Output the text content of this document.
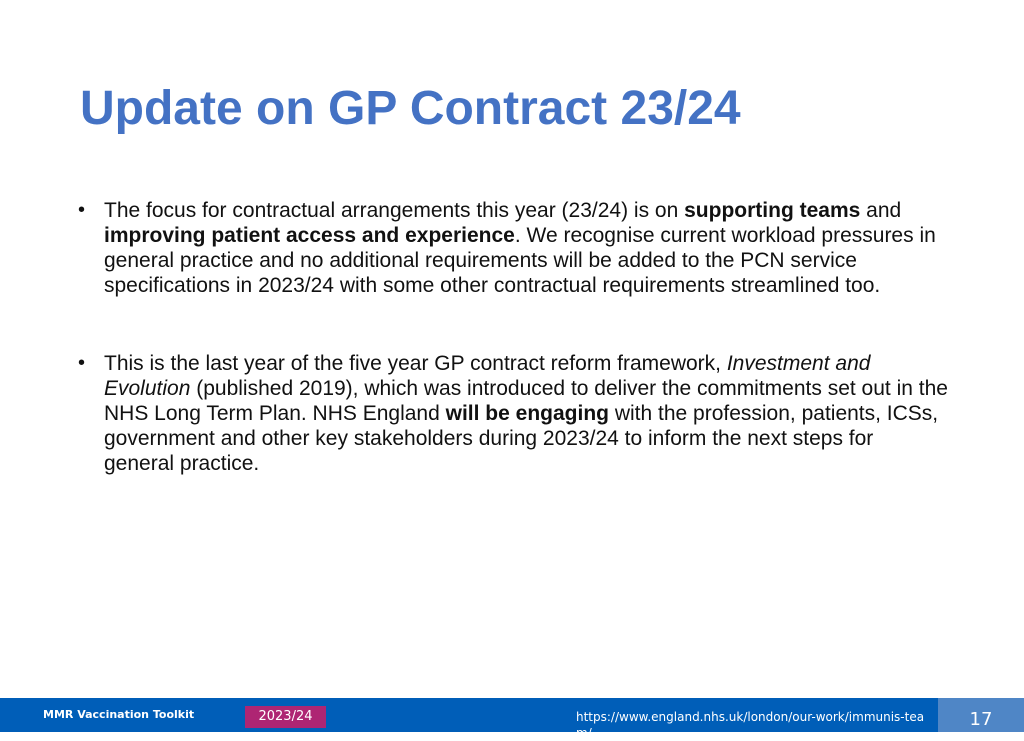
Update on GP Contract 23/24
• The focus for contractual arrangements this year (23/24) is on supporting teams and improving patient access and experience. We recognise current workload pressures in general practice and no additional requirements will be added to the PCN service specifications in 2023/24 with some other contractual requirements streamlined too.
• This is the last year of the five year GP contract reform framework, Investment and Evolution (published 2019), which was introduced to deliver the commitments set out in the NHS Long Term Plan. NHS England will be engaging with the profession, patients, ICSs, government and other key stakeholders during 2023/24 to inform the next steps for general practice.
MMR Vaccination Toolkit	2023/24	https://www.england.nhs.uk/london/our-work/immunis-team/
17
